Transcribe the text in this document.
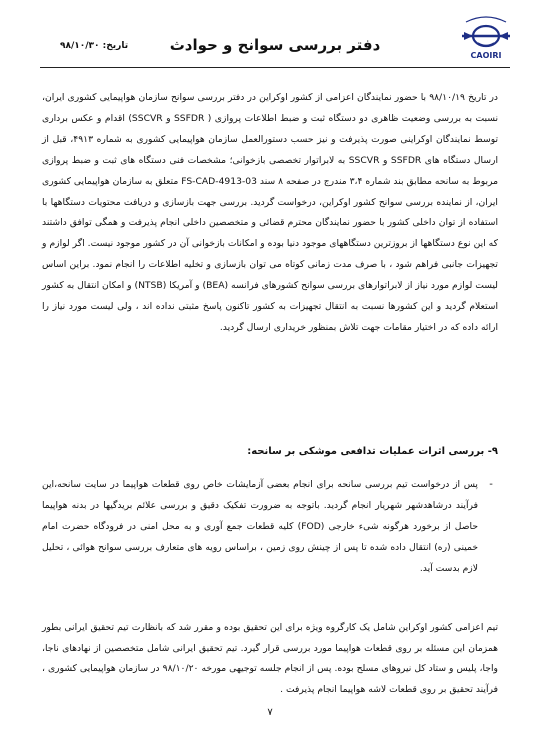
CAOIRI
دفتر بررسی سوانح و حوادث
تاریخ: ۹۸/۱۰/۳۰
در تاریخ ۹۸/۱۰/۱۹ با حضور نمایندگان اعزامی از کشور اوکراین در دفتر بررسی سوانح سازمان هواپیمایی کشوری ایران، نسبت به بررسی وضعیت ظاهری دو دستگاه ثبت و ضبط اطلاعات پروازی ( SSFDR و SSCVR) اقدام و عکس برداری توسط نمایندگان اوکراینی صورت پذیرفت و نیز حسب دستورالعمل سازمان هواپیمایی کشوری به شماره ۴۹۱۳، قبل از ارسال دستگاه های SSFDR و SSCVR به لابراتوار تخصصی بازخوانی؛ مشخصات فنی دستگاه های ثبت و ضبط پروازی مربوط به سانحه مطابق بند شماره ۳،۴ مندرج در صفحه ۸ سند FS-CAD-4913-03 متعلق به سازمان هواپیمایی کشوری ایران، از نماینده بررسی سوانح کشور اوکراین، درخواست گردید. بررسی جهت بازسازی و دریافت محتویات دستگاهها با استفاده از توان داخلی کشور با حضور نمایندگان محترم قضائی و متخصصین داخلی انجام پذیرفت و همگی توافق داشتند که این نوع دستگاهها از بروزترین دستگاههای موجود دنیا بوده و امکانات بازخوانی آن در کشور موجود نیست. اگر لوازم و تجهیزات جانبی فراهم شود ، با صرف مدت زمانی کوتاه می توان بازسازی و تخلیه اطلاعات را انجام نمود. براین اساس لیست لوازم مورد نیاز از لابراتوارهای بررسی سوانح کشورهای فرانسه (BEA) و آمریکا (NTSB) و امکان انتقال به کشور استعلام گردید و این کشورها نسبت به انتقال تجهیزات به کشور تاکنون پاسخ مثبتی نداده اند ، ولی لیست مورد نیاز را ارائه داده که در اختیار مقامات جهت تلاش بمنظور خریداری ارسال گردید.
۹- بررسی اثرات عملیات تدافعی موشکی بر سانحه:
-
پس از درخواست تیم بررسی سانحه برای انجام بعضی آزمایشات خاص روی قطعات هواپیما در سایت سانحه،این فرآیند درشاهدشهر شهریار انجام گردید. باتوجه به ضرورت تفکیک دقیق و بررسی علائم بریدگیها در بدنه هواپیما حاصل از برخورد هرگونه شیء خارجی (FOD) کلیه قطعات جمع آوری و به محل امنی در فرودگاه حضرت امام خمینی (ره) انتقال داده شده تا پس از چینش روی زمین ، براساس رویه های متعارف بررسی سوانح هوائی ، تحلیل لازم بدست آید.
تیم اعزامی کشور اوکراین شامل یک کارگروه ویژه برای این تحقیق بوده و مقرر شد که بانظارت تیم تحقیق ایرانی بطور همزمان این مسئله بر روی قطعات هواپیما مورد بررسی قرار گیرد. تیم تحقیق ایرانی شامل متخصصین از نهادهای ناجا، واجا، پلیس و ستاد کل نیروهای مسلح بوده. پس از انجام جلسه توجیهی مورخه ۹۸/۱۰/۲۰ در سازمان هواپیمایی کشوری ، فرآیند تحقیق بر روی قطعات لاشه هواپیما انجام پذیرفت .
۷
